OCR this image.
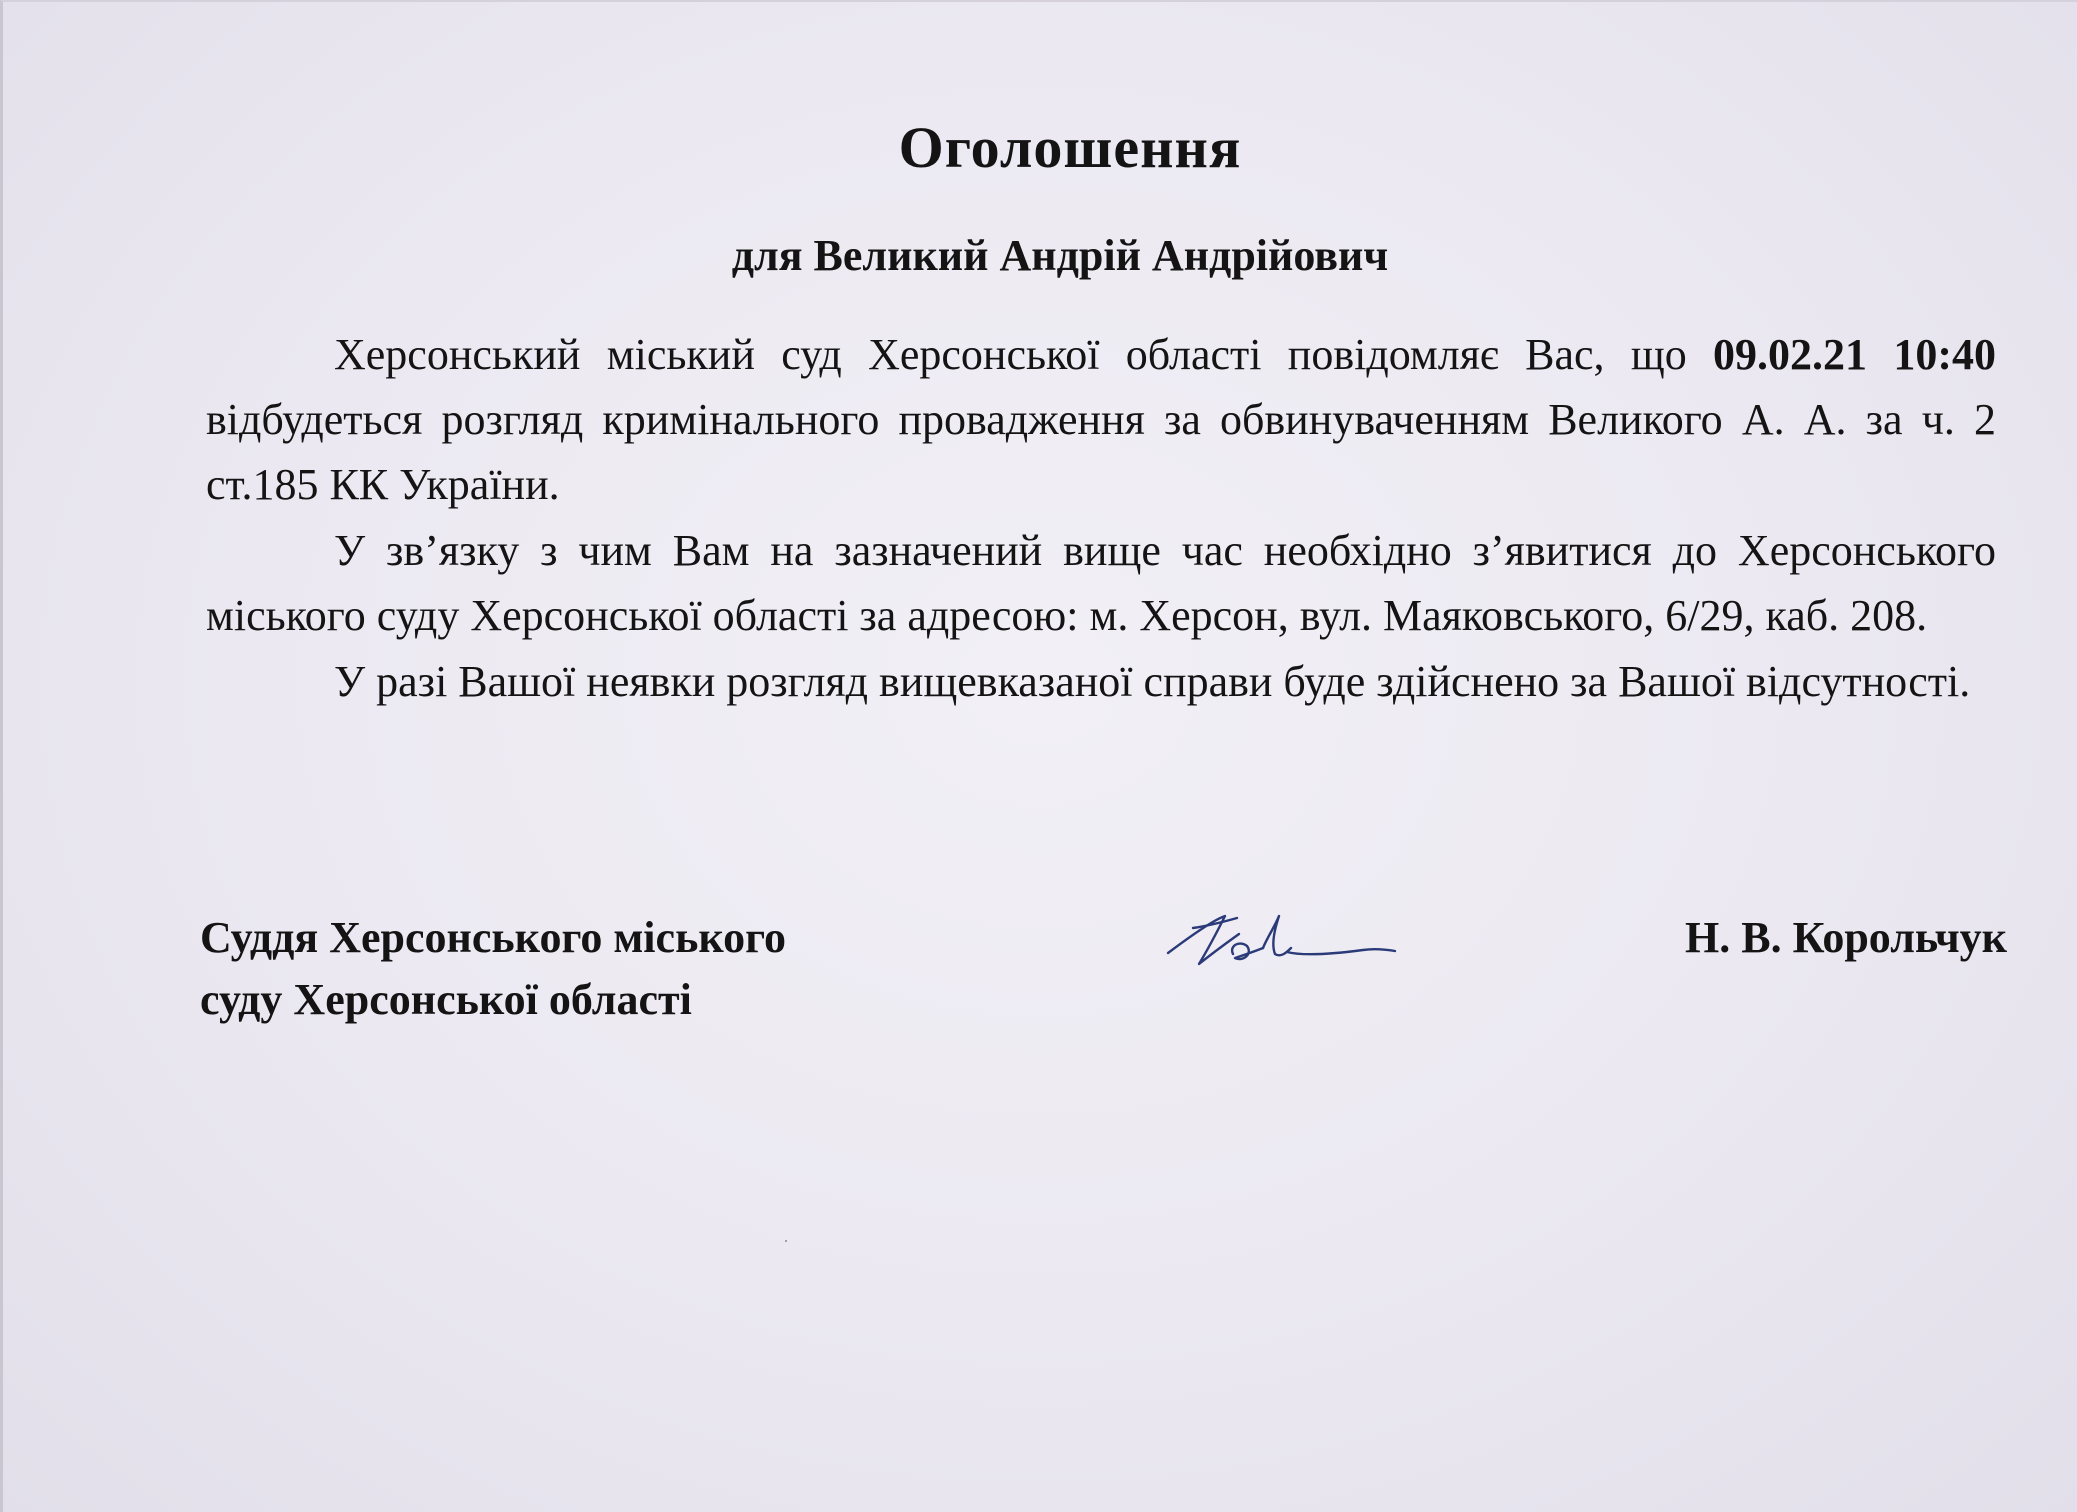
Оголошення
для Великий Андрій Андрійович

Херсонський міський суд Херсонської області повідомляє Вас, що 09.02.21 10:40 відбудеться розгляд кримінального провадження за обвинуваченням Великого А. А. за ч. 2 ст.185 КК України.

У зв’язку з чим Вам на зазначений вище час необхідно з’явитися до Херсонського міського суду Херсонської області за адресою: м. Херсон, вул. Маяковського, 6/29, каб. 208.

У разі Вашої неявки розгляд вищевказаної справи буде здійснено за Вашої відсутності.

Суддя Херсонського міського
суду Херсонської області
Н. В. Корольчук
